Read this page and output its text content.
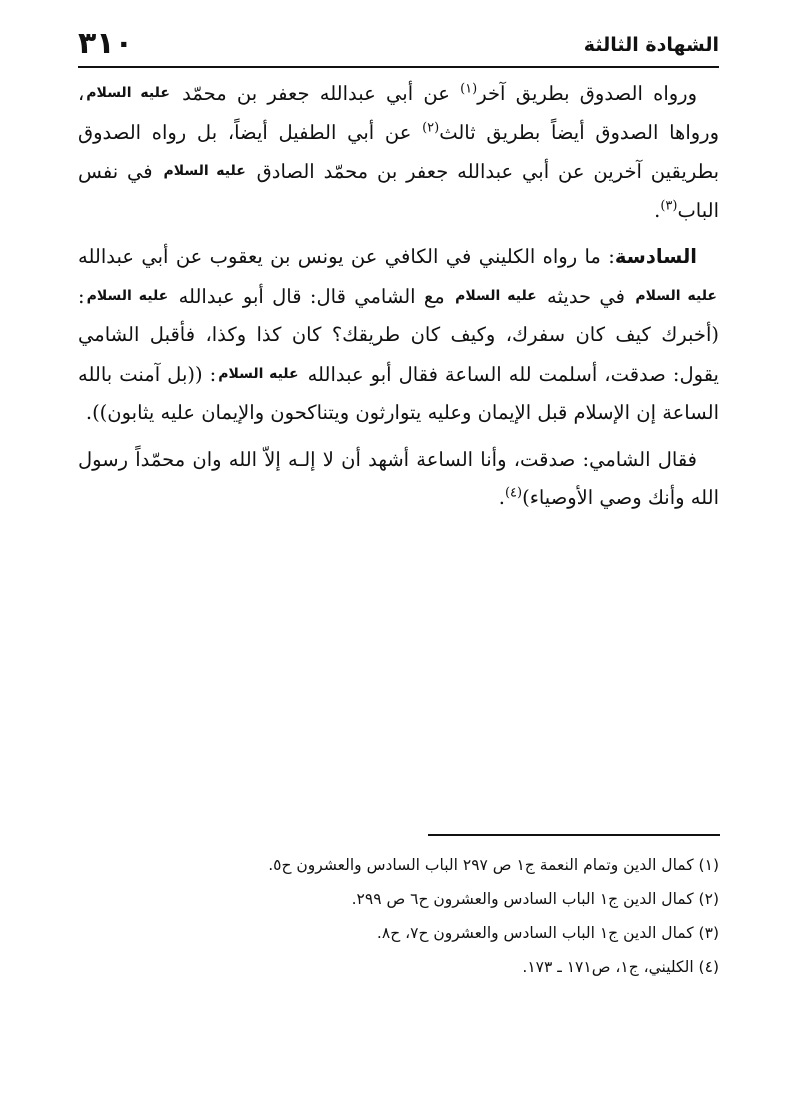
الشهادة الثالثة
٣١٠

ورواه الصدوق بطريق آخر$^{(١)}$ عن أبي عبدالله جعفر بن محمّد عليه السلام، ورواها الصدوق أيضاً بطريق ثالث$^{(٢)}$ عن أبي الطفيل أيضاً، بل رواه الصدوق بطريقين آخرين عن أبي عبدالله جعفر بن محمّد الصادق عليه السلام في نفس الباب$^{(٣)}$.

السادسة: ما رواه الكليني في الكافي عن يونس بن يعقوب عن أبي عبدالله عليه السلام في حديثه عليه السلام مع الشامي قال: قال أبو عبدالله عليه السلام: (أخبرك كيف كان سفرك، وكيف كان طريقك؟ كان كذا وكذا، فأقبل الشامي يقول: صدقت، أسلمت لله الساعة فقال أبو عبدالله عليه السلام: ((بل آمنت بالله الساعة إن الإسلام قبل الإيمان وعليه يتوارثون ويتناكحون والإيمان عليه يثابون)).

فقال الشامي: صدقت، وأنا الساعة أشهد أن لا إلـه إلاّ الله وان محمّداً رسول الله وأنك وصي الأوصياء)$^{(٤)}$.

(١) كمال الدين وتمام النعمة ج١ ص ٢٩٧ الباب السادس والعشرون ح٥.

(٢) كمال الدين ج١ الباب السادس والعشرون ح٦ ص ٢٩٩.

(٣) كمال الدين ج١ الباب السادس والعشرون ح٧، ح٨.

(٤) الكليني، ج١، ص١٧١ ـ ١٧٣.
